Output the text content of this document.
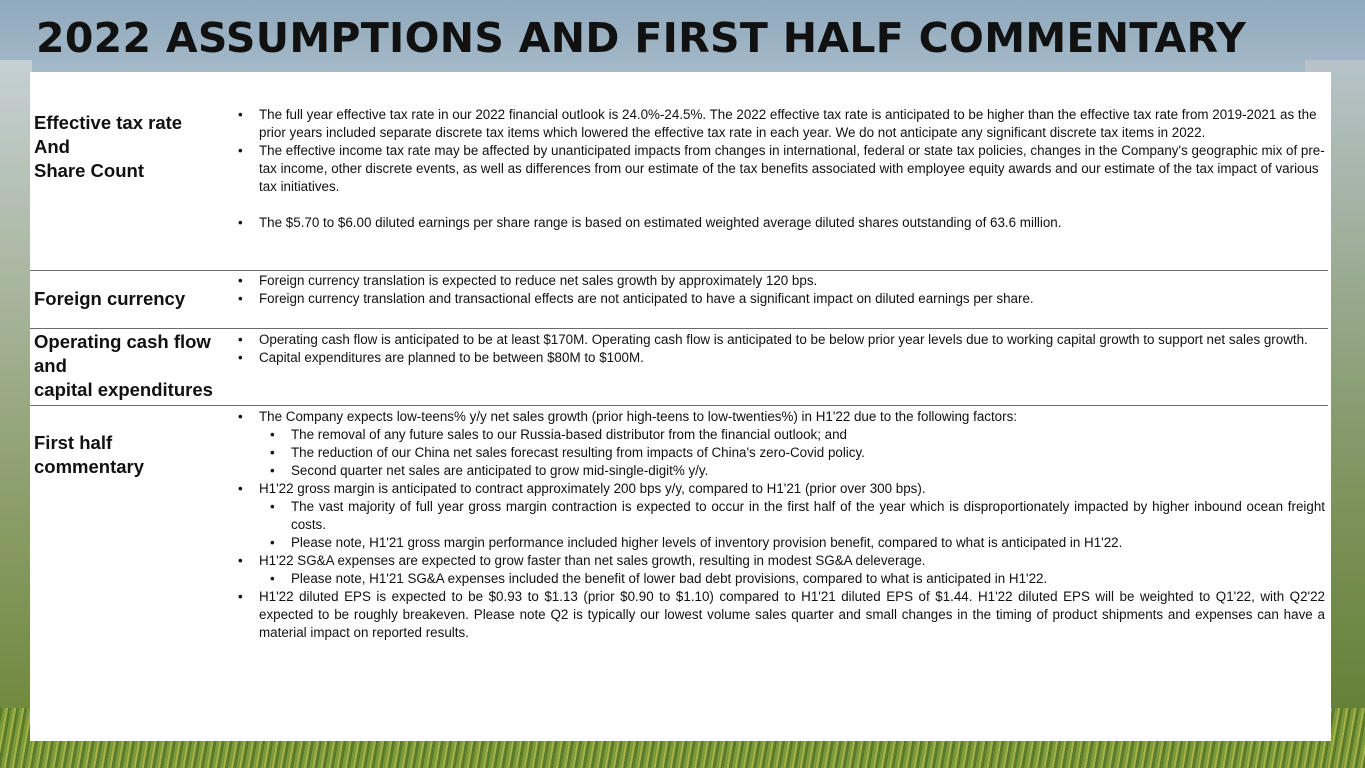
2022 ASSUMPTIONS AND FIRST HALF COMMENTARY
Effective tax rate
And
Share Count
• The full year effective tax rate in our 2022 financial outlook is 24.0%-24.5%. The 2022 effective tax rate is anticipated to be higher than the effective tax rate from 2019-2021 as the prior years included separate discrete tax items which lowered the effective tax rate in each year. We do not anticipate any significant discrete tax items in 2022.
• The effective income tax rate may be affected by unanticipated impacts from changes in international, federal or state tax policies, changes in the Company's geographic mix of pre-tax income, other discrete events, as well as differences from our estimate of the tax benefits associated with employee equity awards and our estimate of the tax impact of various tax initiatives.
• The $5.70 to $6.00 diluted earnings per share range is based on estimated weighted average diluted shares outstanding of 63.6 million.
Foreign currency
• Foreign currency translation is expected to reduce net sales growth by approximately 120 bps.
• Foreign currency translation and transactional effects are not anticipated to have a significant impact on diluted earnings per share.
Operating cash flow
and
capital expenditures
• Operating cash flow is anticipated to be at least $170M. Operating cash flow is anticipated to be below prior year levels due to working capital growth to support net sales growth.
• Capital expenditures are planned to be between $80M to $100M.
First half
commentary
• The Company expects low-teens% y/y net sales growth (prior high-teens to low-twenties%) in H1'22 due to the following factors:
• The removal of any future sales to our Russia-based distributor from the financial outlook; and
• The reduction of our China net sales forecast resulting from impacts of China's zero-Covid policy.
• Second quarter net sales are anticipated to grow mid-single-digit% y/y.
• H1'22 gross margin is anticipated to contract approximately 200 bps y/y, compared to H1'21 (prior over 300 bps).
• The vast majority of full year gross margin contraction is expected to occur in the first half of the year which is disproportionately impacted by higher inbound ocean freight costs.
• Please note, H1'21 gross margin performance included higher levels of inventory provision benefit, compared to what is anticipated in H1'22.
• H1'22 SG&A expenses are expected to grow faster than net sales growth, resulting in modest SG&A deleverage.
• Please note, H1'21 SG&A expenses included the benefit of lower bad debt provisions, compared to what is anticipated in H1'22.
• H1'22 diluted EPS is expected to be $0.93 to $1.13 (prior $0.90 to $1.10) compared to H1'21 diluted EPS of $1.44. H1'22 diluted EPS will be weighted to Q1'22, with Q2'22 expected to be roughly breakeven. Please note Q2 is typically our lowest volume sales quarter and small changes in the timing of product shipments and expenses can have a material impact on reported results.
